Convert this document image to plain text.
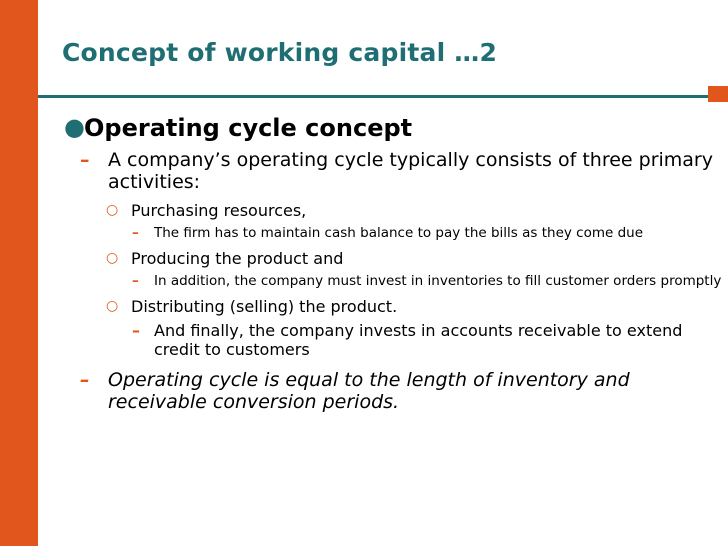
Concept of working capital …2
● Operating cycle concept
– A company’s operating cycle typically consists of three primary activities:
○ Purchasing resources,
– The firm has to maintain cash balance to pay the bills as they come due
○ Producing the product and
– In addition, the company must invest in inventories to fill customer orders promptly
○ Distributing (selling) the product.
– And finally, the company invests in accounts receivable to extend credit to customers
– Operating cycle is equal to the length of inventory and receivable conversion periods.
